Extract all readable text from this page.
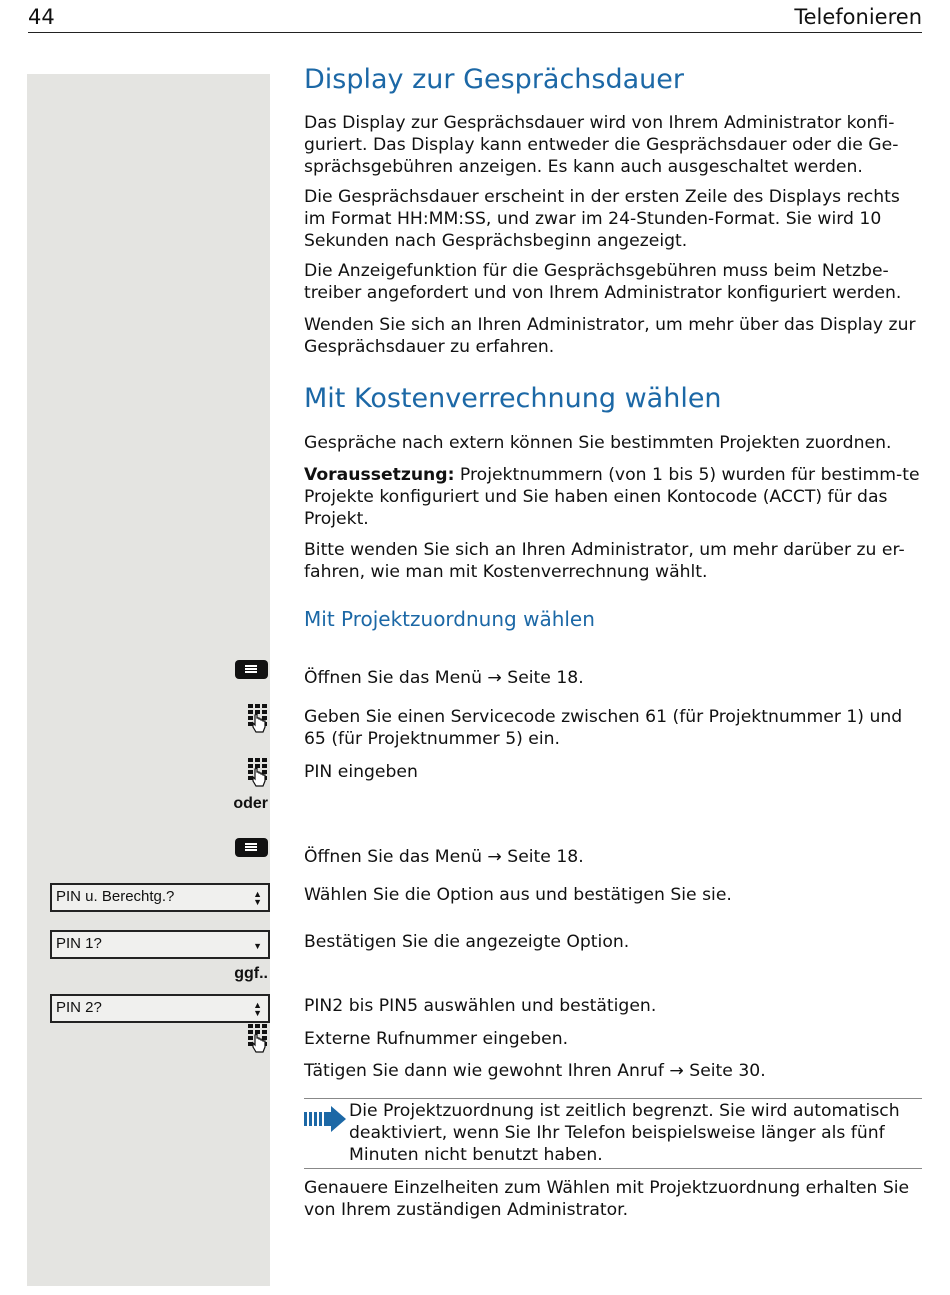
44	Telefonieren
Display zur Gesprächsdauer
Das Display zur Gesprächsdauer wird von Ihrem Administrator konfi-guriert. Das Display kann entweder die Gesprächsdauer oder die Ge-sprächsgebühren anzeigen. Es kann auch ausgeschaltet werden.
Die Gesprächsdauer erscheint in der ersten Zeile des Displays rechts im Format HH:MM:SS, und zwar im 24-Stunden-Format. Sie wird 10 Sekunden nach Gesprächsbeginn angezeigt.
Die Anzeigefunktion für die Gesprächsgebühren muss beim Netzbe-treiber angefordert und von Ihrem Administrator konfiguriert werden.
Wenden Sie sich an Ihren Administrator, um mehr über das Display zur Gesprächsdauer zu erfahren.
Mit Kostenverrechnung wählen
Gespräche nach extern können Sie bestimmten Projekten zuordnen.
Voraussetzung: Projektnummern (von 1 bis 5) wurden für bestimm-te Projekte konfiguriert und Sie haben einen Kontocode (ACCT) für das Projekt.
Bitte wenden Sie sich an Ihren Administrator, um mehr darüber zu er-fahren, wie man mit Kostenverrechnung wählt.
Mit Projektzuordnung wählen
Öffnen Sie das Menü → Seite 18.
Geben Sie einen Servicecode zwischen 61 (für Projektnummer 1) und 65 (für Projektnummer 5) ein.
PIN eingeben
oder
Öffnen Sie das Menü → Seite 18.
PIN u. Berechtg.?	▲
▼ Wählen Sie die Option aus und bestätigen Sie sie.
PIN 1?	▼ Bestätigen Sie die angezeigte Option.
ggf..
PIN 2?	▲
▼ PIN2 bis PIN5 auswählen und bestätigen.
Externe Rufnummer eingeben.
Tätigen Sie dann wie gewohnt Ihren Anruf → Seite 30.
Die Projektzuordnung ist zeitlich begrenzt. Sie wird automatisch deaktiviert, wenn Sie Ihr Telefon beispielsweise länger als fünf Minuten nicht benutzt haben.
Genauere Einzelheiten zum Wählen mit Projektzuordnung erhalten Sie von Ihrem zuständigen Administrator.
